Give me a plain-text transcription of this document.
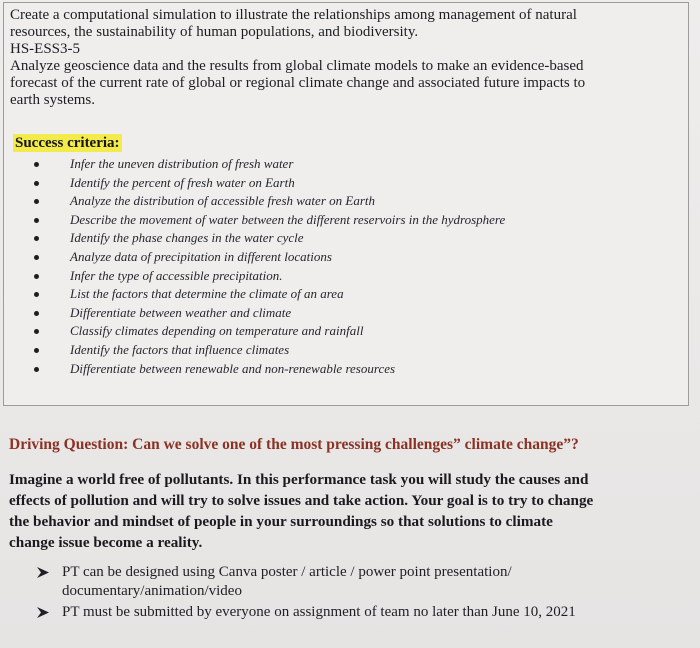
Create a computational simulation to illustrate the relationships among management of natural
resources, the sustainability of human populations, and biodiversity.
HS-ESS3-5
Analyze geoscience data and the results from global climate models to make an evidence-based
forecast of the current rate of global or regional climate change and associated future impacts to
earth systems.
Success criteria:
Infer the uneven distribution of fresh water
Identify the percent of fresh water on Earth
Analyze the distribution of accessible fresh water on Earth
Describe the movement of water between the different reservoirs in the hydrosphere
Identify the phase changes in the water cycle
Analyze data of precipitation in different locations
Infer the type of accessible precipitation.
List the factors that determine the climate of an area
Differentiate between weather and climate
Classify climates depending on temperature and rainfall
Identify the factors that influence climates
Differentiate between renewable and non-renewable resources
Driving Question: Can we solve one of the most pressing challenges” climate change”?
Imagine a world free of pollutants. In this performance task you will study the causes and
effects of pollution and will try to solve issues and take action. Your goal is to try to change
the behavior and mindset of people in your surroundings so that solutions to climate
change issue become a reality.
PT can be designed using Canva poster / article / power point presentation/
documentary/animation/video
PT must be submitted by everyone on assignment of team no later than June 10, 2021
